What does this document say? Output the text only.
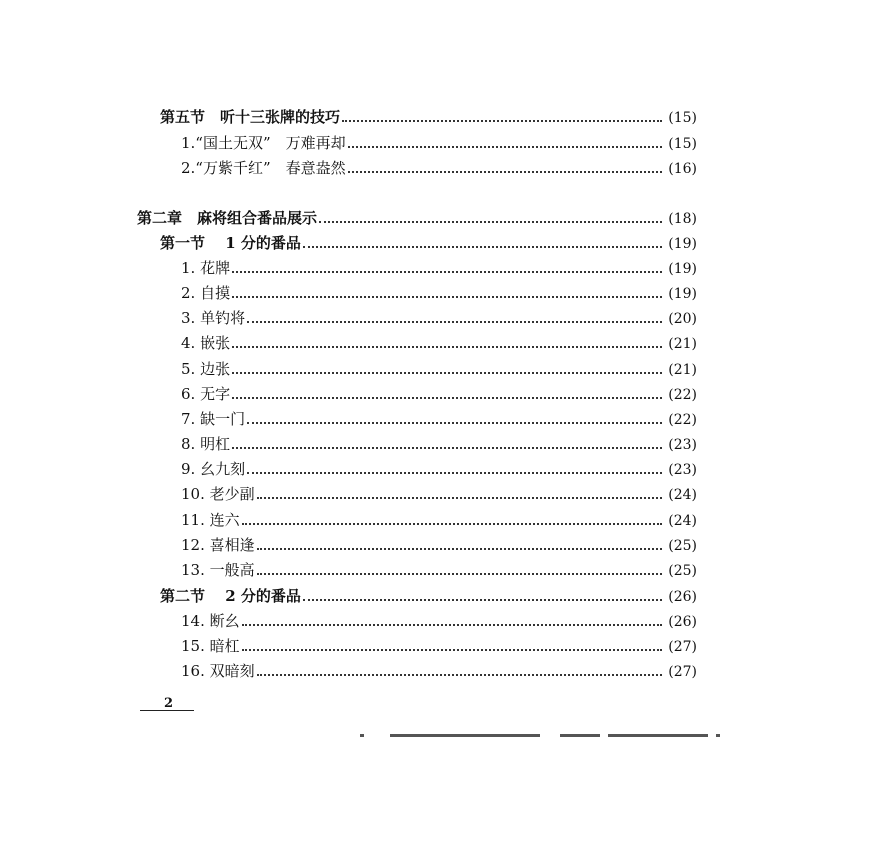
第五节　听十三张牌的技巧	(15)
1.“国土无双”　万难再却	(15)
2.“万紫千红”　春意盎然	(16)
第二章　麻将组合番品展示	(18)
第一节　 1 分的番品	(19)
1. 花牌	(19)
2. 自摸	(19)
3. 单钓将	(20)
4. 嵌张	(21)
5. 边张	(21)
6. 无字	(22)
7. 缺一门	(22)
8. 明杠	(23)
9. 幺九刻	(23)
10. 老少副	(24)
11. 连六	(24)
12. 喜相逢	(25)
13. 一般高	(25)
第二节　 2 分的番品	(26)
14. 断幺	(26)
15. 暗杠	(27)
16. 双暗刻	(27)
2
